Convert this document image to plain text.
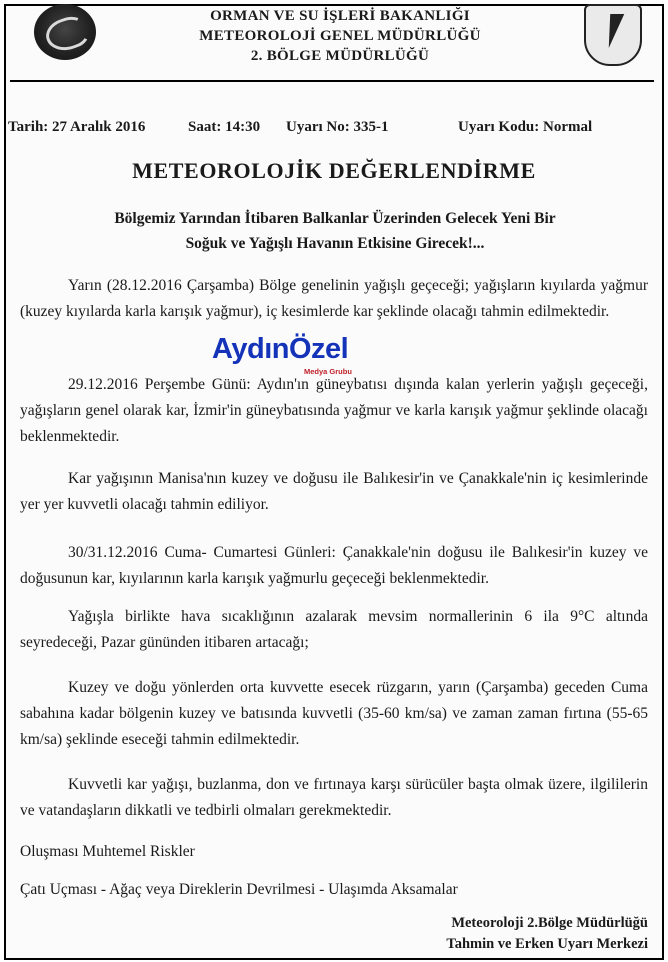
ORMAN VE SU İŞLERİ BAKANLIĞI
METEOROLOJİ GENEL MÜDÜRLÜĞÜ
2. BÖLGE MÜDÜRLÜĞÜ
Tarih: 27 Aralık 2016	Saat: 14:30 Uyarı No: 335-1	Uyarı Kodu: Normal
METEOROLOJİK DEĞERLENDİRME
Bölgemiz Yarından İtibaren Balkanlar Üzerinden Gelecek Yeni Bir
Soğuk ve Yağışlı Havanın Etkisine Girecek!...
Yarın (28.12.2016 Çarşamba) Bölge genelinin yağışlı geçeceği; yağışların kıyılarda yağmur (kuzey kıyılarda karla karışık yağmur), iç kesimlerde kar şeklinde olacağı tahmin edilmektedir.
AydınÖzel
Medya Grubu
29.12.2016 Perşembe Günü: Aydın'ın güneybatısı dışında kalan yerlerin yağışlı geçeceği, yağışların genel olarak kar, İzmir'in güneybatısında yağmur ve karla karışık yağmur şeklinde olacağı beklenmektedir.
Kar yağışının Manisa'nın kuzey ve doğusu ile Balıkesir'in ve Çanakkale'nin iç kesimlerinde yer yer kuvvetli olacağı tahmin ediliyor.
30/31.12.2016 Cuma- Cumartesi Günleri: Çanakkale'nin doğusu ile Balıkesir'in kuzey ve doğusunun kar, kıyılarının karla karışık yağmurlu geçeceği beklenmektedir.
Yağışla birlikte hava sıcaklığının azalarak mevsim normallerinin 6 ila 9°C altında seyredeceği, Pazar gününden itibaren artacağı;
Kuzey ve doğu yönlerden orta kuvvette esecek rüzgarın, yarın (Çarşamba) geceden Cuma sabahına kadar bölgenin kuzey ve batısında kuvvetli (35-60 km/sa) ve zaman zaman fırtına (55-65 km/sa) şeklinde eseceği tahmin edilmektedir.
Kuvvetli kar yağışı, buzlanma, don ve fırtınaya karşı sürücüler başta olmak üzere, ilgililerin ve vatandaşların dikkatli ve tedbirli olmaları gerekmektedir.
Oluşması Muhtemel Riskler
Çatı Uçması - Ağaç veya Direklerin Devrilmesi - Ulaşımda Aksamalar
Meteoroloji 2.Bölge Müdürlüğü
Tahmin ve Erken Uyarı Merkezi
